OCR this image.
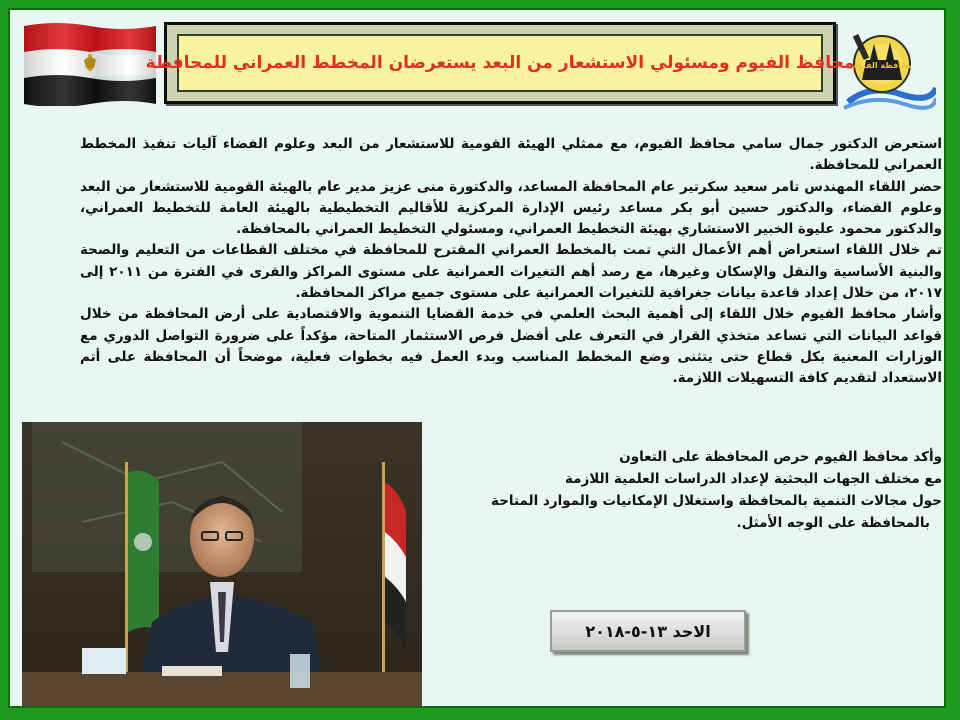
محافظ الفيوم ومسئولي الاستشعار من البعد يستعرضان المخطط العمراني للمحافظة
محافظة الفيوم

استعرض الدكتور جمال سامي محافظ الفيوم، مع ممثلي الهيئة القومية للاستشعار من البعد وعلوم الفضاء آليات تنفيذ المخطط العمراني للمحافظة.

حضر اللقاء المهندس تامر سعيد سكرتير عام المحافظة المساعد، والدكتورة منى عزيز مدير عام بالهيئة القومية للاستشعار من البعد وعلوم الفضاء، والدكتور حسين أبو بكر مساعد رئيس الإدارة المركزية للأقاليم التخطيطية بالهيئة العامة للتخطيط العمراني، والدكتور محمود عليوة الخبير الاستشاري بهيئة التخطيط العمراني، ومسئولي التخطيط العمراني بالمحافظة.

تم خلال اللقاء استعراض أهم الأعمال التي تمت بالمخطط العمراني المقترح للمحافظة في مختلف القطاعات من التعليم والصحة والبنية الأساسية والنقل والإسكان وغيرها، مع رصد أهم التغيرات العمرانية على مستوى المراكز والقرى في الفترة من ٢٠١١ إلى ٢٠١٧، من خلال إعداد قاعدة بيانات جغرافية للتغيرات العمرانية على مستوى جميع مراكز المحافظة.

وأشار محافظ الفيوم خلال اللقاء إلى أهمية البحث العلمي في خدمة القضايا التنموية والاقتصادية على أرض المحافظة من خلال قواعد البيانات التي تساعد متخذي القرار في التعرف على أفضل فرص الاستثمار المتاحة، مؤكداً على ضرورة التواصل الدوري مع الوزارات المعنية بكل قطاع حتى يتثنى وضع المخطط المناسب وبدء العمل فيه بخطوات فعلية، موضحاً أن المحافظة على أتم الاستعداد لتقديم كافة التسهيلات اللازمة.

وأكد محافظ الفيوم حرص المحافظة على التعاون

مع مختلف الجهات البحثية لإعداد الدراسات العلمية اللازمة

حول مجالات التنمية بالمحافظة واستغلال الإمكانيات والموارد المتاحة

بالمحافظة على الوجه الأمثل.

الاحد ١٣-٥-٢٠١٨
